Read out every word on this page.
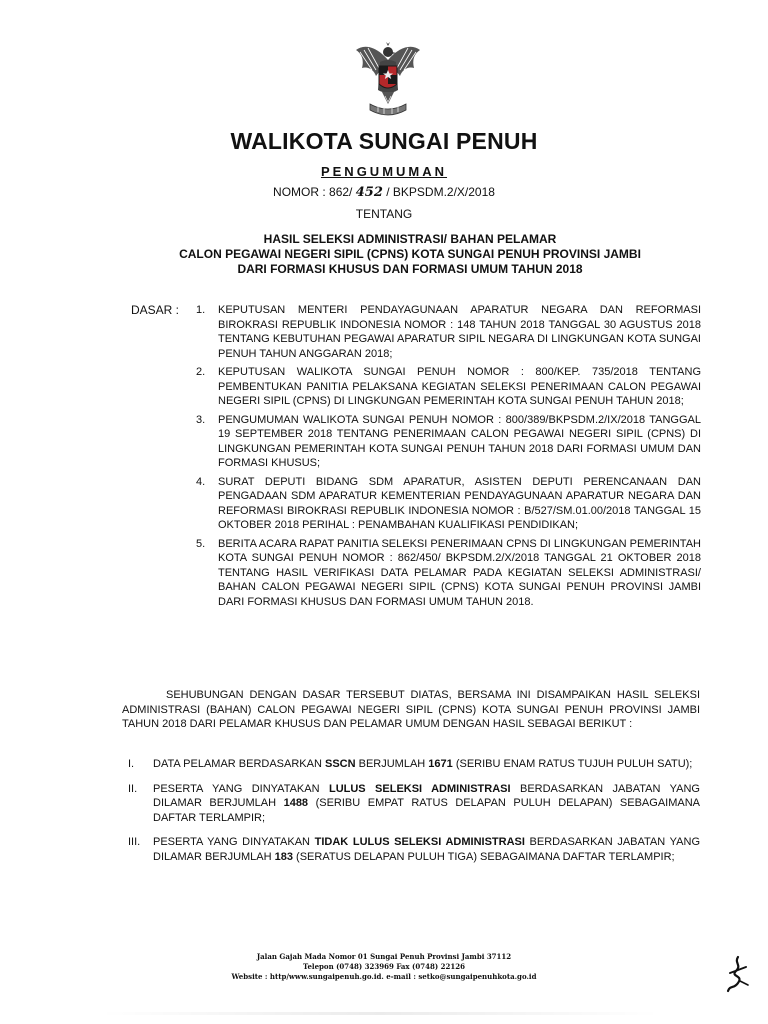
WALIKOTA SUNGAI PENUH
PENGUMUMAN
NOMOR : 862/ 452 / BKPSDM.2/X/2018
TENTANG
HASIL SELEKSI ADMINISTRASI/ BAHAN PELAMAR
CALON PEGAWAI NEGERI SIPIL (CPNS) KOTA SUNGAI PENUH PROVINSI JAMBI
DARI FORMASI KHUSUS DAN FORMASI UMUM TAHUN 2018
DASAR : 1.	KEPUTUSAN MENTERI PENDAYAGUNAAN APARATUR NEGARA DAN REFORMASI BIROKRASI REPUBLIK INDONESIA NOMOR : 148 TAHUN 2018 TANGGAL 30 AGUSTUS 2018 TENTANG KEBUTUHAN PEGAWAI APARATUR SIPIL NEGARA DI LINGKUNGAN KOTA SUNGAI PENUH TAHUN ANGGARAN 2018;
2.	KEPUTUSAN WALIKOTA SUNGAI PENUH NOMOR : 800/KEP. 735/2018 TENTANG PEMBENTUKAN PANITIA PELAKSANA KEGIATAN SELEKSI PENERIMAAN CALON PEGAWAI NEGERI SIPIL (CPNS) DI LINGKUNGAN PEMERINTAH KOTA SUNGAI PENUH TAHUN 2018;
3.	PENGUMUMAN WALIKOTA SUNGAI PENUH NOMOR : 800/389/BKPSDM.2/IX/2018 TANGGAL 19 SEPTEMBER 2018 TENTANG PENERIMAAN CALON PEGAWAI NEGERI SIPIL (CPNS) DI LINGKUNGAN PEMERINTAH KOTA SUNGAI PENUH TAHUN 2018 DARI FORMASI UMUM DAN FORMASI KHUSUS;
4.	SURAT DEPUTI BIDANG SDM APARATUR, ASISTEN DEPUTI PERENCANAAN DAN PENGADAAN SDM APARATUR KEMENTERIAN PENDAYAGUNAAN APARATUR NEGARA DAN REFORMASI BIROKRASI REPUBLIK INDONESIA NOMOR : B/527/SM.01.00/2018 TANGGAL 15 OKTOBER 2018 PERIHAL : PENAMBAHAN KUALIFIKASI PENDIDIKAN;
5.	BERITA ACARA RAPAT PANITIA SELEKSI PENERIMAAN CPNS DI LINGKUNGAN PEMERINTAH KOTA SUNGAI PENUH NOMOR : 862/450/ BKPSDM.2/X/2018 TANGGAL 21 OKTOBER 2018 TENTANG HASIL VERIFIKASI DATA PELAMAR PADA KEGIATAN SELEKSI ADMINISTRASI/ BAHAN CALON PEGAWAI NEGERI SIPIL (CPNS) KOTA SUNGAI PENUH PROVINSI JAMBI DARI FORMASI KHUSUS DAN FORMASI UMUM TAHUN 2018.
SEHUBUNGAN DENGAN DASAR TERSEBUT DIATAS, BERSAMA INI DISAMPAIKAN HASIL SELEKSI ADMINISTRASI (BAHAN) CALON PEGAWAI NEGERI SIPIL (CPNS) KOTA SUNGAI PENUH PROVINSI JAMBI TAHUN 2018 DARI PELAMAR KHUSUS DAN PELAMAR UMUM DENGAN HASIL SEBAGAI BERIKUT :
I.	DATA PELAMAR BERDASARKAN SSCN BERJUMLAH 1671 (SERIBU ENAM RATUS TUJUH PULUH SATU);
II.	PESERTA YANG DINYATAKAN LULUS SELEKSI ADMINISTRASI BERDASARKAN JABATAN YANG DILAMAR BERJUMLAH 1488 (SERIBU EMPAT RATUS DELAPAN PULUH DELAPAN) SEBAGAIMANA DAFTAR TERLAMPIR;
III.	PESERTA YANG DINYATAKAN TIDAK LULUS SELEKSI ADMINISTRASI BERDASARKAN JABATAN YANG DILAMAR BERJUMLAH 183 (SERATUS DELAPAN PULUH TIGA) SEBAGAIMANA DAFTAR TERLAMPIR;
Jalan Gajah Mada Nomor 01 Sungai Penuh Provinsi Jambi 37112
Telepon (0748) 323969 Fax (0748) 22126
Website : http/www.sungaipenuh.go.id. e-mail : setko@sungaipenuhkota.go.id
